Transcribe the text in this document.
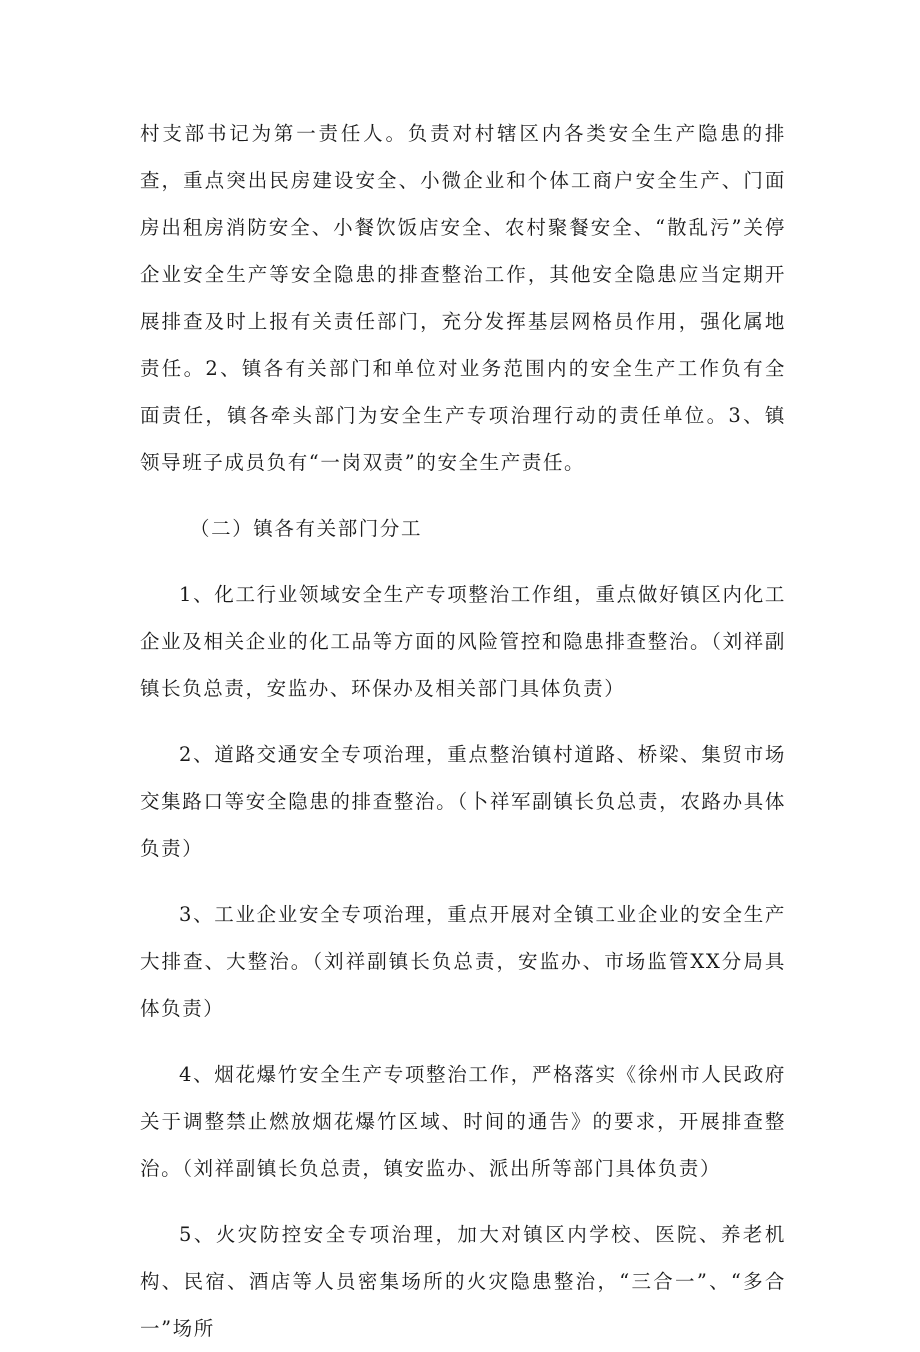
村支部书记为第一责任人。负责对村辖区内各类安全生产隐患的排查，重点突出民房建设安全、小微企业和个体工商户安全生产、门面房出租房消防安全、小餐饮饭店安全、农村聚餐安全、“散乱污”关停企业安全生产等安全隐患的排查整治工作，其他安全隐患应当定期开展排查及时上报有关责任部门，充分发挥基层网格员作用，强化属地责任。2、镇各有关部门和单位对业务范围内的安全生产工作负有全面责任，镇各牵头部门为安全生产专项治理行动的责任单位。3、镇领导班子成员负有“一岗双责”的安全生产责任。

（二）镇各有关部门分工

1、化工行业领域安全生产专项整治工作组，重点做好镇区内化工企业及相关企业的化工品等方面的风险管控和隐患排查整治。（刘祥副镇长负总责，安监办、环保办及相关部门具体负责）

2、道路交通安全专项治理，重点整治镇村道路、桥梁、集贸市场交集路口等安全隐患的排查整治。（卜祥军副镇长负总责，农路办具体负责）

3、工业企业安全专项治理，重点开展对全镇工业企业的安全生产大排查、大整治。（刘祥副镇长负总责，安监办、市场监管XX分局具体负责）

4、烟花爆竹安全生产专项整治工作，严格落实《徐州市人民政府关于调整禁止燃放烟花爆竹区域、时间的通告》的要求，开展排查整治。（刘祥副镇长负总责，镇安监办、派出所等部门具体负责）

5、火灾防控安全专项治理，加大对镇区内学校、医院、养老机构、民宿、酒店等人员密集场所的火灾隐患整治，“三合一”、“多合一”场所
